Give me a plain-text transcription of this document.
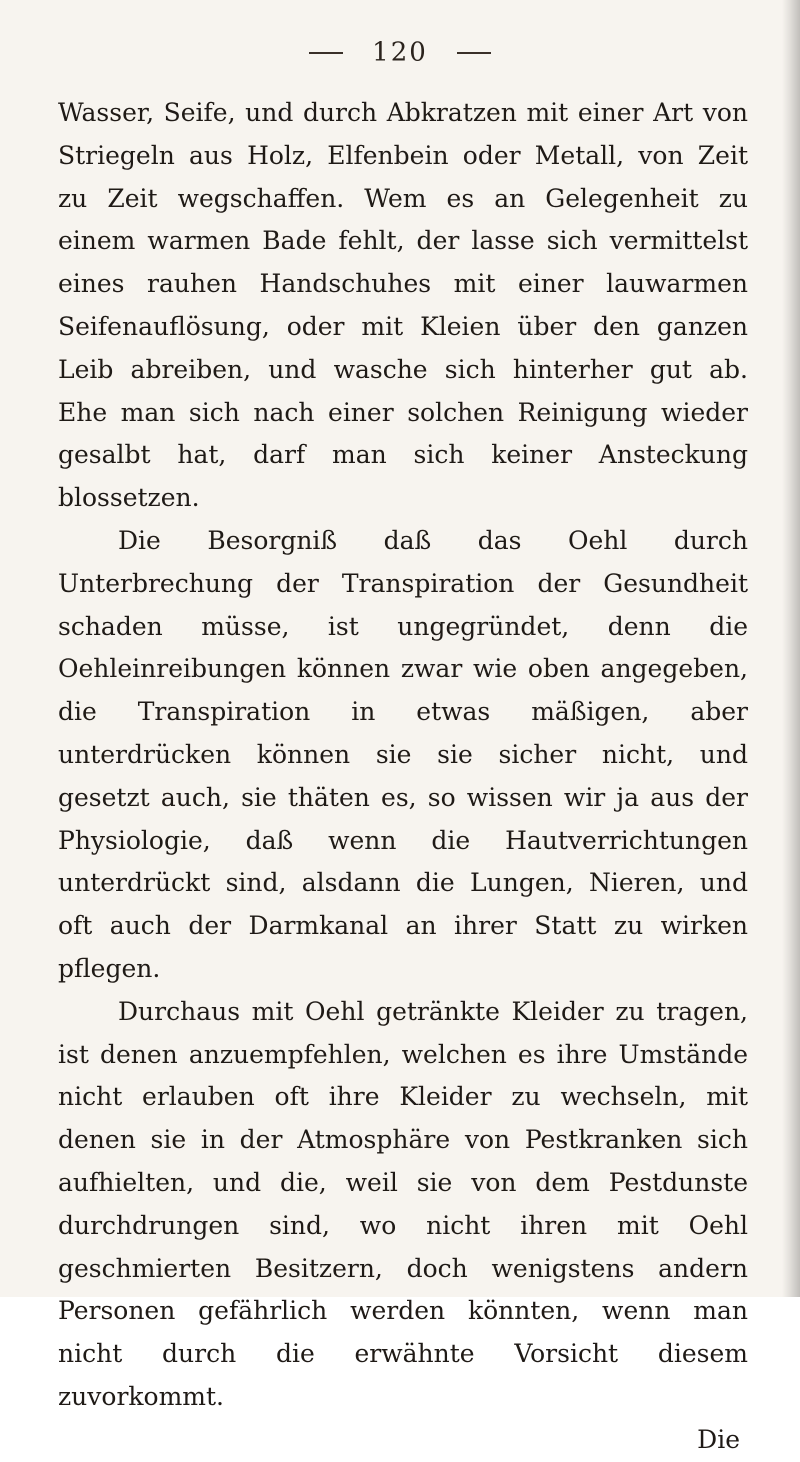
120

Wasser, Seife, und durch Abkratzen mit einer Art von Striegeln aus Holz, Elfenbein oder Metall, von Zeit zu Zeit wegschaffen. Wem es an Gelegenheit zu einem warmen Bade fehlt, der lasse sich vermittelst eines rauhen Handschuhes mit einer lauwarmen Seifenauflösung, oder mit Kleien über den ganzen Leib abreiben, und wasche sich hinterher gut ab. Ehe man sich nach einer solchen Reinigung wieder gesalbt hat, darf man sich keiner Ansteckung blossetzen.

Die Besorgniß daß das Oehl durch Unterbrechung der Transpiration der Gesundheit schaden müsse, ist ungegründet, denn die Oehleinreibungen können zwar wie oben angegeben, die Transpiration in etwas mäßigen, aber unterdrücken können sie sie sicher nicht, und gesetzt auch, sie thäten es, so wissen wir ja aus der Physiologie, daß wenn die Hautverrichtungen unterdrückt sind, alsdann die Lungen, Nieren, und oft auch der Darmkanal an ihrer Statt zu wirken pflegen.

Durchaus mit Oehl getränkte Kleider zu tragen, ist denen anzuempfehlen, welchen es ihre Umstände nicht erlauben oft ihre Kleider zu wechseln, mit denen sie in der Atmosphäre von Pestkranken sich aufhielten, und die, weil sie von dem Pestdunste durchdrungen sind, wo nicht ihren mit Oehl geschmierten Besitzern, doch wenigstens andern Personen gefährlich werden könnten, wenn man nicht durch die erwähnte Vorsicht diesem zuvorkommt.

Die
